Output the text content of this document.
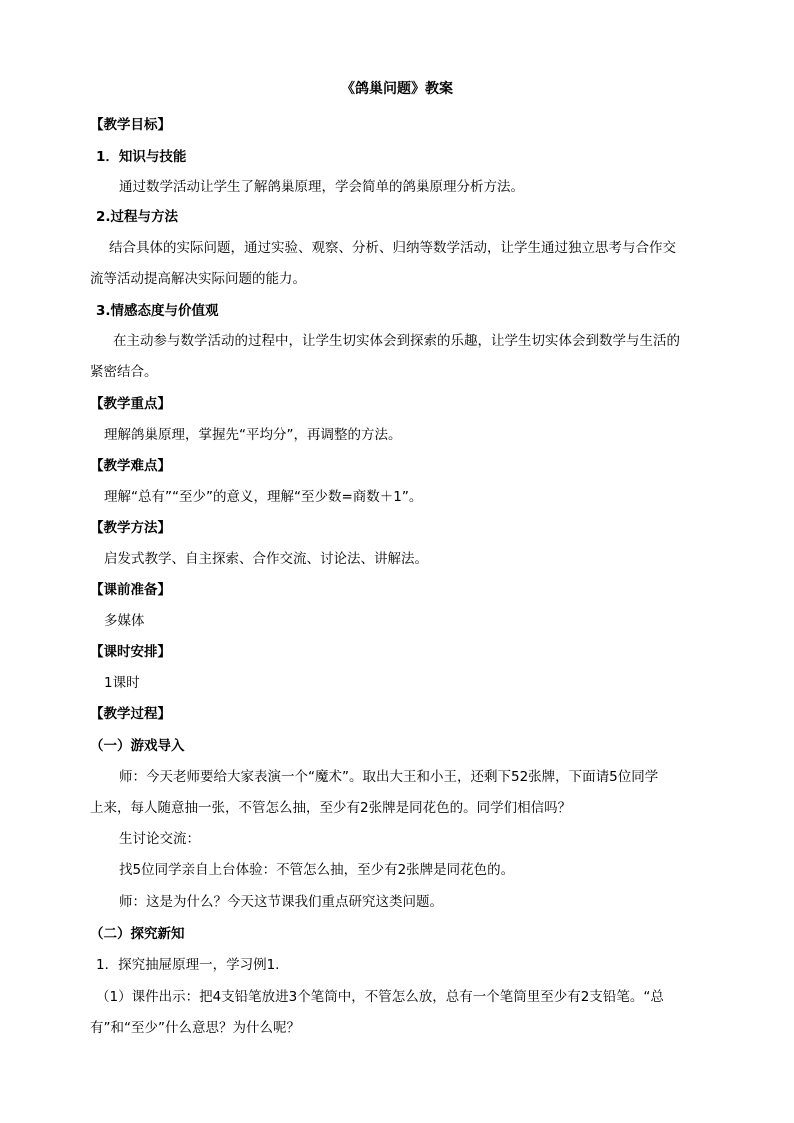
《鸽巢问题》教案
【教学目标】
1．知识与技能
通过数学活动让学生了解鸽巢原理，学会简单的鸽巢原理分析方法。
2.过程与方法
结合具体的实际问题，通过实验、观察、分析、归纳等数学活动，让学生通过独立思考与合作交
流等活动提高解决实际问题的能力。
3.情感态度与价值观
在主动参与数学活动的过程中，让学生切实体会到探索的乐趣，让学生切实体会到数学与生活的
紧密结合。
【教学重点】
理解鸽巢原理，掌握先“平均分”，再调整的方法。
【教学难点】
理解“总有”“至少”的意义，理解“至少数=商数＋1”。
【教学方法】
启发式教学、自主探索、合作交流、讨论法、讲解法。
【课前准备】
多媒体
【课时安排】
1课时
【教学过程】
（一）游戏导入
师：今天老师要给大家表演一个“魔术”。取出大王和小王，还剩下52张牌，下面请5位同学
上来，每人随意抽一张，不管怎么抽，至少有2张牌是同花色的。同学们相信吗？
生讨论交流：
找5位同学亲自上台体验：不管怎么抽，至少有2张牌是同花色的。
师：这是为什么？今天这节课我们重点研究这类问题。
（二）探究新知
1．探究抽屉原理一，学习例1.
（1）课件出示：把4支铅笔放进3个笔筒中，不管怎么放，总有一个笔筒里至少有2支铅笔。“总
有”和“至少”什么意思？为什么呢？
